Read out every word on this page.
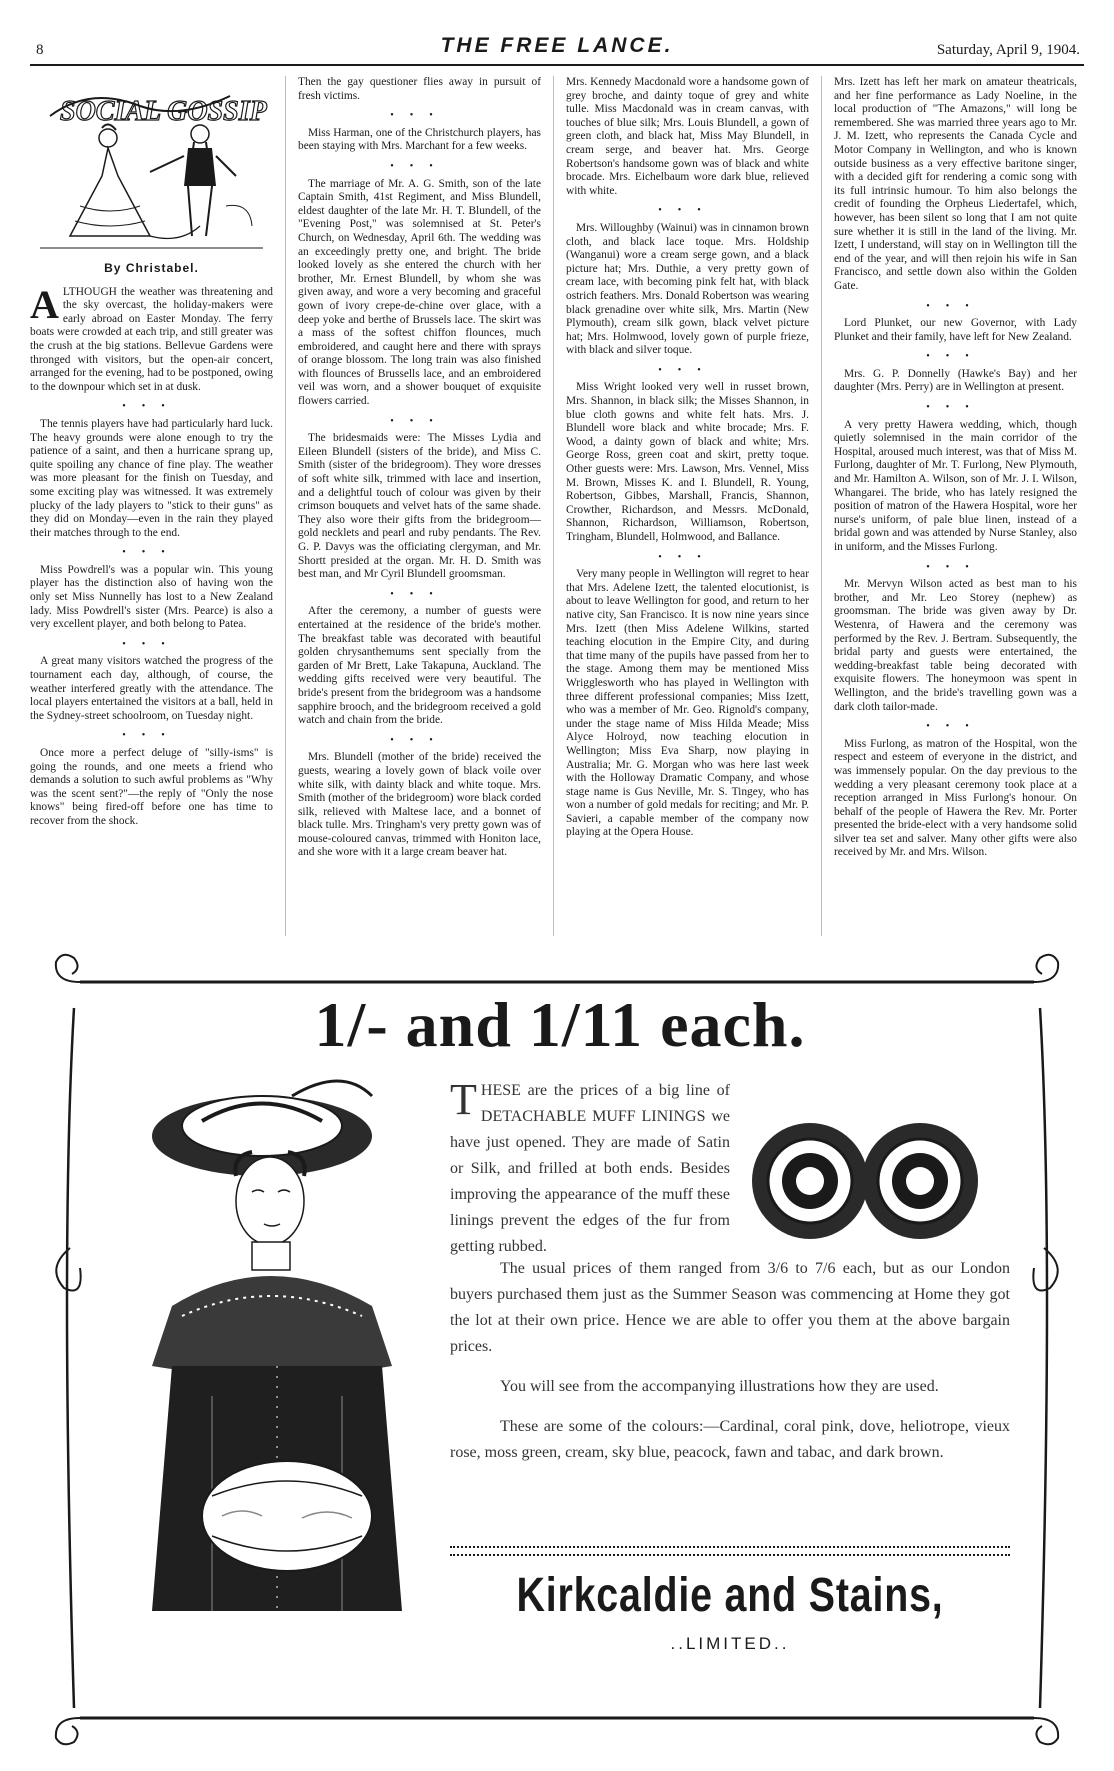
8	THE FREE LANCE.	Saturday, April 9, 1904.
SOCIAL GOSSIP
By Christabel.

ALTHOUGH the weather was threatening and the sky overcast, the holiday-makers were early abroad on Easter Monday. The ferry boats were crowded at each trip, and still greater was the crush at the big stations. Bellevue Gardens were thronged with visitors, but the open-air concert, arranged for the evening, had to be postponed, owing to the downpour which set in at dusk.

•••

The tennis players have had particularly hard luck. The heavy grounds were alone enough to try the patience of a saint, and then a hurricane sprang up, quite spoiling any chance of fine play. The weather was more pleasant for the finish on Tuesday, and some exciting play was witnessed. It was extremely plucky of the lady players to "stick to their guns" as they did on Monday—even in the rain they played their matches through to the end.

•••

Miss Powdrell's was a popular win. This young player has the distinction also of having won the only set Miss Nunnelly has lost to a New Zealand lady. Miss Powdrell's sister (Mrs. Pearce) is also a very excellent player, and both belong to Patea.

•••

A great many visitors watched the progress of the tournament each day, although, of course, the weather interfered greatly with the attendance. The local players entertained the visitors at a ball, held in the Sydney-street schoolroom, on Tuesday night.

•••

Once more a perfect deluge of "silly-isms" is going the rounds, and one meets a friend who demands a solution to such awful problems as "Why was the scent sent?"—the reply of "Only the nose knows" being fired-off before one has time to recover from the shock.

Then the gay questioner flies away in pursuit of fresh victims.

•••

Miss Harman, one of the Christchurch players, has been staying with Mrs. Marchant for a few weeks.

•••

The marriage of Mr. A. G. Smith, son of the late Captain Smith, 41st Regiment, and Miss Blundell, eldest daughter of the late Mr. H. T. Blundell, of the "Evening Post," was solemnised at St. Peter's Church, on Wednesday, April 6th. The wedding was an exceedingly pretty one, and bright. The bride looked lovely as she entered the church with her brother, Mr. Ernest Blundell, by whom she was given away, and wore a very becoming and graceful gown of ivory crepe-de-chine over glace, with a deep yoke and berthe of Brussels lace. The skirt was a mass of the softest chiffon flounces, much embroidered, and caught here and there with sprays of orange blossom. The long train was also finished with flounces of Brussells lace, and an embroidered veil was worn, and a shower bouquet of exquisite flowers carried.

•••

The bridesmaids were: The Misses Lydia and Eileen Blundell (sisters of the bride), and Miss C. Smith (sister of the bridegroom). They wore dresses of soft white silk, trimmed with lace and insertion, and a delightful touch of colour was given by their crimson bouquets and velvet hats of the same shade. They also wore their gifts from the bridegroom—gold necklets and pearl and ruby pendants. The Rev. G. P. Davys was the officiating clergyman, and Mr. Shortt presided at the organ. Mr. H. D. Smith was best man, and Mr Cyril Blundell groomsman.

•••

After the ceremony, a number of guests were entertained at the residence of the bride's mother. The breakfast table was decorated with beautiful golden chrysanthemums sent specially from the garden of Mr Brett, Lake Takapuna, Auckland. The wedding gifts received were very beautiful. The bride's present from the bridegroom was a handsome sapphire brooch, and the bridegroom received a gold watch and chain from the bride.

•••

Mrs. Blundell (mother of the bride) received the guests, wearing a lovely gown of black voile over white silk, with dainty black and white toque. Mrs. Smith (mother of the bridegroom) wore black corded silk, relieved with Maltese lace, and a bonnet of black tulle. Mrs. Tringham's very pretty gown was of mouse-coloured canvas, trimmed with Honiton lace, and she wore with it a large cream beaver hat.

Mrs. Kennedy Macdonald wore a handsome gown of grey broche, and dainty toque of grey and white tulle. Miss Macdonald was in cream canvas, with touches of blue silk; Mrs. Louis Blundell, a gown of green cloth, and black hat, Miss May Blundell, in cream serge, and beaver hat. Mrs. George Robertson's handsome gown was of black and white brocade. Mrs. Eichelbaum wore dark blue, relieved with white.

•••

Mrs. Willoughby (Wainui) was in cinnamon brown cloth, and black lace toque. Mrs. Holdship (Wanganui) wore a cream serge gown, and a black picture hat; Mrs. Duthie, a very pretty gown of cream lace, with becoming pink felt hat, with black ostrich feathers. Mrs. Donald Robertson was wearing black grenadine over white silk, Mrs. Martin (New Plymouth), cream silk gown, black velvet picture hat; Mrs. Holmwood, lovely gown of purple frieze, with black and silver toque.

•••

Miss Wright looked very well in russet brown, Mrs. Shannon, in black silk; the Misses Shannon, in blue cloth gowns and white felt hats. Mrs. J. Blundell wore black and white brocade; Mrs. F. Wood, a dainty gown of black and white; Mrs. George Ross, green coat and skirt, pretty toque. Other guests were: Mrs. Lawson, Mrs. Vennel, Miss M. Brown, Misses K. and I. Blundell, R. Young, Robertson, Gibbes, Marshall, Francis, Shannon, Crowther, Richardson, and Messrs. McDonald, Shannon, Richardson, Williamson, Robertson, Tringham, Blundell, Holmwood, and Ballance.

•••

Very many people in Wellington will regret to hear that Mrs. Adelene Izett, the talented elocutionist, is about to leave Wellington for good, and return to her native city, San Francisco. It is now nine years since Mrs. Izett (then Miss Adelene Wilkins, started teaching elocution in the Empire City, and during that time many of the pupils have passed from her to the stage. Among them may be mentioned Miss Wrigglesworth who has played in Wellington with three different professional companies; Miss Izett, who was a member of Mr. Geo. Rignold's company, under the stage name of Miss Hilda Meade; Miss Alyce Holroyd, now teaching elocution in Wellington; Miss Eva Sharp, now playing in Australia; Mr. G. Morgan who was here last week with the Holloway Dramatic Company, and whose stage name is Gus Neville, Mr. S. Tingey, who has won a number of gold medals for reciting; and Mr. P. Savieri, a capable member of the company now playing at the Opera House.

Mrs. Izett has left her mark on amateur theatricals, and her fine performance as Lady Noeline, in the local production of "The Amazons," will long be remembered. She was married three years ago to Mr. J. M. Izett, who represents the Canada Cycle and Motor Company in Wellington, and who is known outside business as a very effective baritone singer, with a decided gift for rendering a comic song with its full intrinsic humour. To him also belongs the credit of founding the Orpheus Liedertafel, which, however, has been silent so long that I am not quite sure whether it is still in the land of the living. Mr. Izett, I understand, will stay on in Wellington till the end of the year, and will then rejoin his wife in San Francisco, and settle down also within the Golden Gate.

•••

Lord Plunket, our new Governor, with Lady Plunket and their family, have left for New Zealand.

•••

Mrs. G. P. Donnelly (Hawke's Bay) and her daughter (Mrs. Perry) are in Wellington at present.

•••

A very pretty Hawera wedding, which, though quietly solemnised in the main corridor of the Hospital, aroused much interest, was that of Miss M. Furlong, daughter of Mr. T. Furlong, New Plymouth, and Mr. Hamilton A. Wilson, son of Mr. J. I. Wilson, Whangarei. The bride, who has lately resigned the position of matron of the Hawera Hospital, wore her nurse's uniform, of pale blue linen, instead of a bridal gown and was attended by Nurse Stanley, also in uniform, and the Misses Furlong.

•••

Mr. Mervyn Wilson acted as best man to his brother, and Mr. Leo Storey (nephew) as groomsman. The bride was given away by Dr. Westenra, of Hawera and the ceremony was performed by the Rev. J. Bertram. Subsequently, the bridal party and guests were entertained, the wedding-breakfast table being decorated with exquisite flowers. The honeymoon was spent in Wellington, and the bride's travelling gown was a dark cloth tailor-made.

•••

Miss Furlong, as matron of the Hospital, won the respect and esteem of everyone in the district, and was immensely popular. On the day previous to the wedding a very pleasant ceremony took place at a reception arranged in Miss Furlong's honour. On behalf of the people of Hawera the Rev. Mr. Porter presented the bride-elect with a very handsome solid silver tea set and salver. Many other gifts were also received by Mr. and Mrs. Wilson.

1/- and 1/11 each.

THESE are the prices of a big line of DETACHABLE MUFF LININGS we have just opened. They are made of Satin or Silk, and frilled at both ends. Besides improving the appearance of the muff these linings prevent the edges of the fur from getting rubbed.

The usual prices of them ranged from 3/6 to 7/6 each, but as our London buyers purchased them just as the Summer Season was commencing at Home they got the lot at their own price. Hence we are able to offer you them at the above bargain prices.

You will see from the accompanying illustrations how they are used.

These are some of the colours:—Cardinal, coral pink, dove, heliotrope, vieux rose, moss green, cream, sky blue, peacock, fawn and tabac, and dark brown.

Kirkcaldie and Stains,
..LIMITED..
